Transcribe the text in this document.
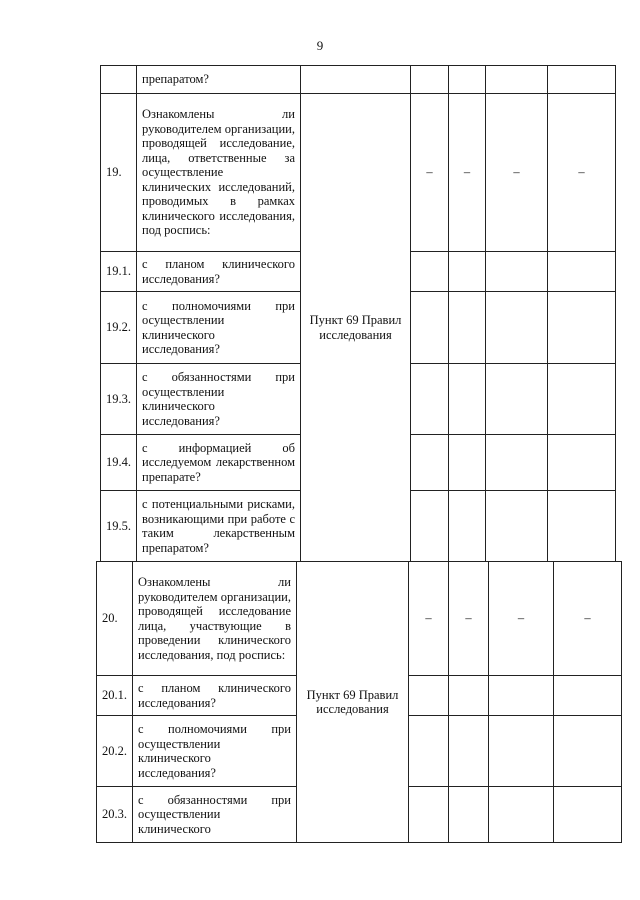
9
	препаратом?					
19.	Ознакомлены ли руководителем организации, проводящей исследование, лица, ответственные за осуществление клинических исследований, проводимых в рамках клинического исследования, под роспись:	Пункт 69 Правил исследования	–	–	–	–
19.1.	с планом клинического исследования?					
19.2.	с полномочиями при осуществлении клинического исследования?					
19.3.	с обязанностями при осуществлении клинического исследования?					
19.4.	с информацией об исследуемом лекарственном препарате?					
19.5.	с потенциальными рисками, возникающими при работе с таким лекарственным препаратом?					
20.	Ознакомлены ли руководителем организации, проводящей исследование лица, участвующие в проведении клинического исследования, под роспись:	Пункт 69 Правил исследования	–	–	–	–
20.1.	с планом клинического исследования?					
20.2.	с полномочиями при осуществлении клинического исследования?					
20.3.	с обязанностями при осуществлении клинического					
